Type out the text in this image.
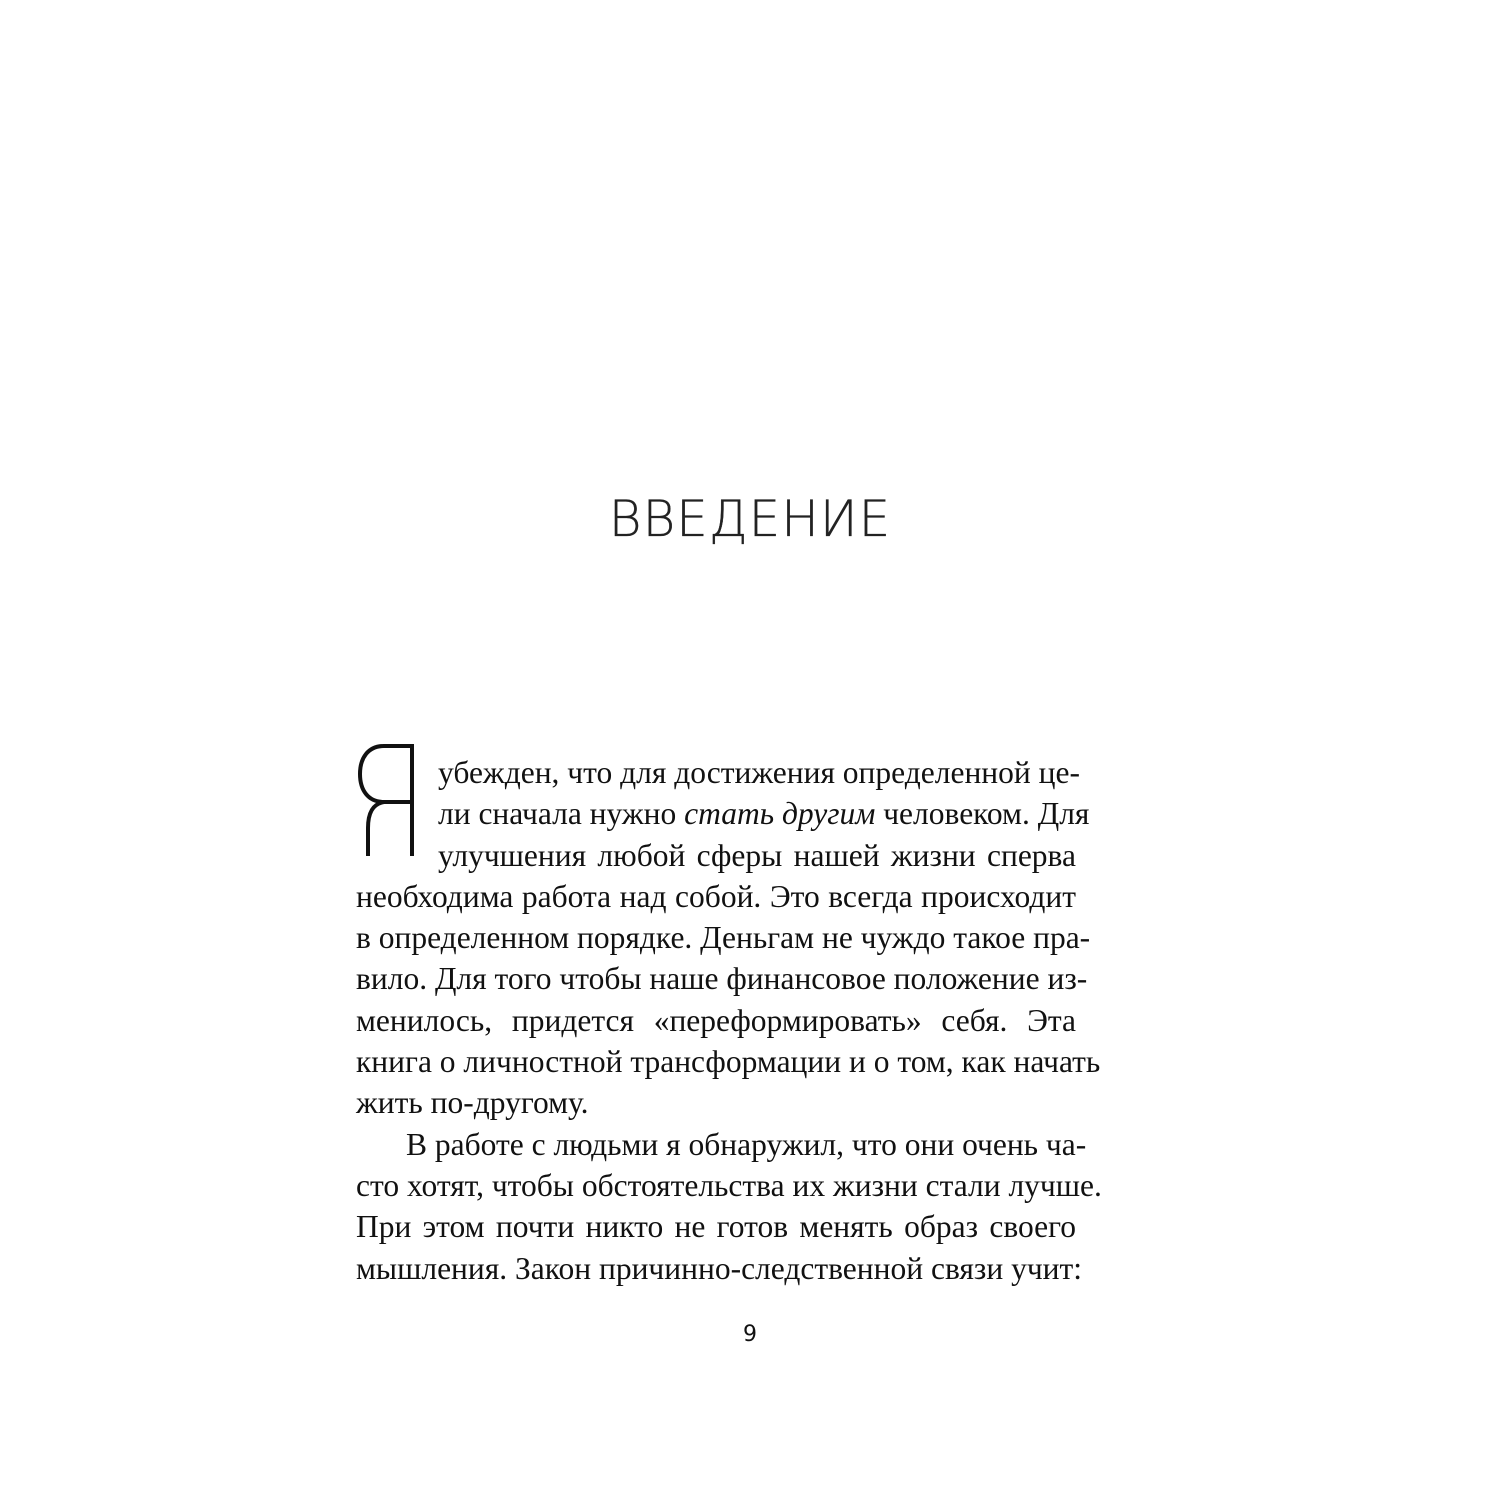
ВВЕДЕНИЕ
убежден, что для достижения определенной це-
ли сначала нужно стать другим человеком. Для
улучшения любой сферы нашей жизни сперва
необходима работа над собой. Это всегда происходит
в определенном порядке. Деньгам не чуждо такое пра-
вило. Для того чтобы наше финансовое положение из-
менилось, придется «переформировать» себя. Эта
книга о личностной трансформации и о том, как начать
жить по-другому.
В работе с людьми я обнаружил, что они очень ча-
сто хотят, чтобы обстоятельства их жизни стали лучше.
При этом почти никто не готов менять образ своего
мышления. Закон причинно-следственной связи учит:
9
